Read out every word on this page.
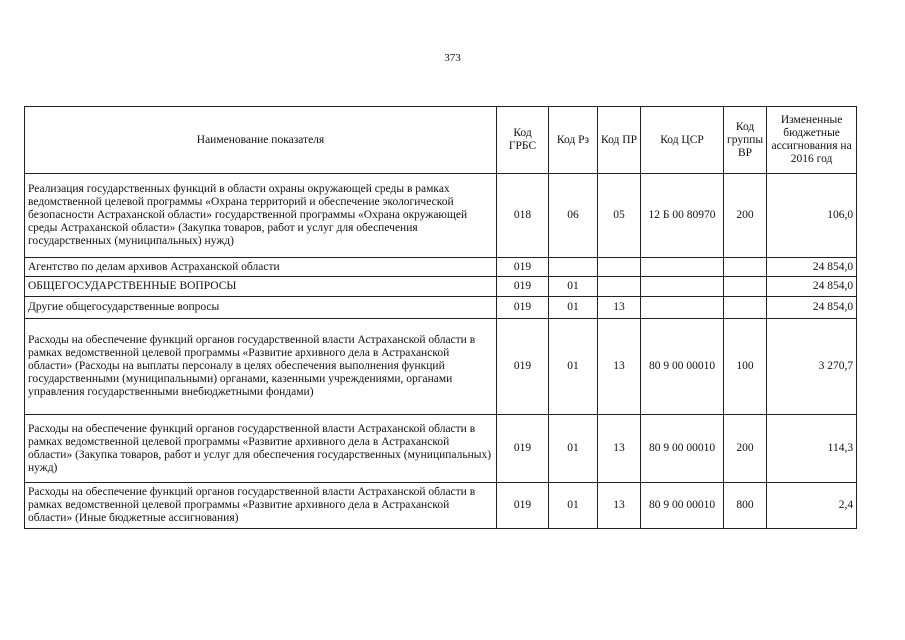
373
Наименование показателя	Код ГРБС	Код Рз	Код ПР	Код ЦСР	Код группы ВР	Измененные бюджетные ассигнования на 2016 год
Реализация государственных функций в области охраны окружающей среды в рамках ведомственной целевой программы «Охрана территорий и обеспечение экологической безопасности Астраханской области» государственной программы «Охрана окружающей среды Астраханской области» (Закупка товаров, работ и услуг для обеспечения государственных (муниципальных) нужд)	018	06	05	12 Б 00 80970	200	106,0
Агентство по делам архивов Астраханской области	019					24 854,0
ОБЩЕГОСУДАРСТВЕННЫЕ ВОПРОСЫ	019	01				24 854,0
Другие общегосударственные вопросы	019	01	13			24 854,0
Расходы на обеспечение функций органов государственной власти Астраханской области в рамках ведомственной целевой программы «Развитие архивного дела в Астраханской области» (Расходы на выплаты персоналу в целях обеспечения выполнения функций государственными (муниципальными) органами, казенными учреждениями, органами управления государственными внебюджетными фондами)	019	01	13	80 9 00 00010	100	3 270,7
Расходы на обеспечение функций органов государственной власти Астраханской области в рамках ведомственной целевой программы «Развитие архивного дела в Астраханской области» (Закупка товаров, работ и услуг для обеспечения государственных (муниципальных) нужд)	019	01	13	80 9 00 00010	200	114,3
Расходы на обеспечение функций органов государственной власти Астраханской области в рамках ведомственной целевой программы «Развитие архивного дела в Астраханской области» (Иные бюджетные ассигнования)	019	01	13	80 9 00 00010	800	2,4
